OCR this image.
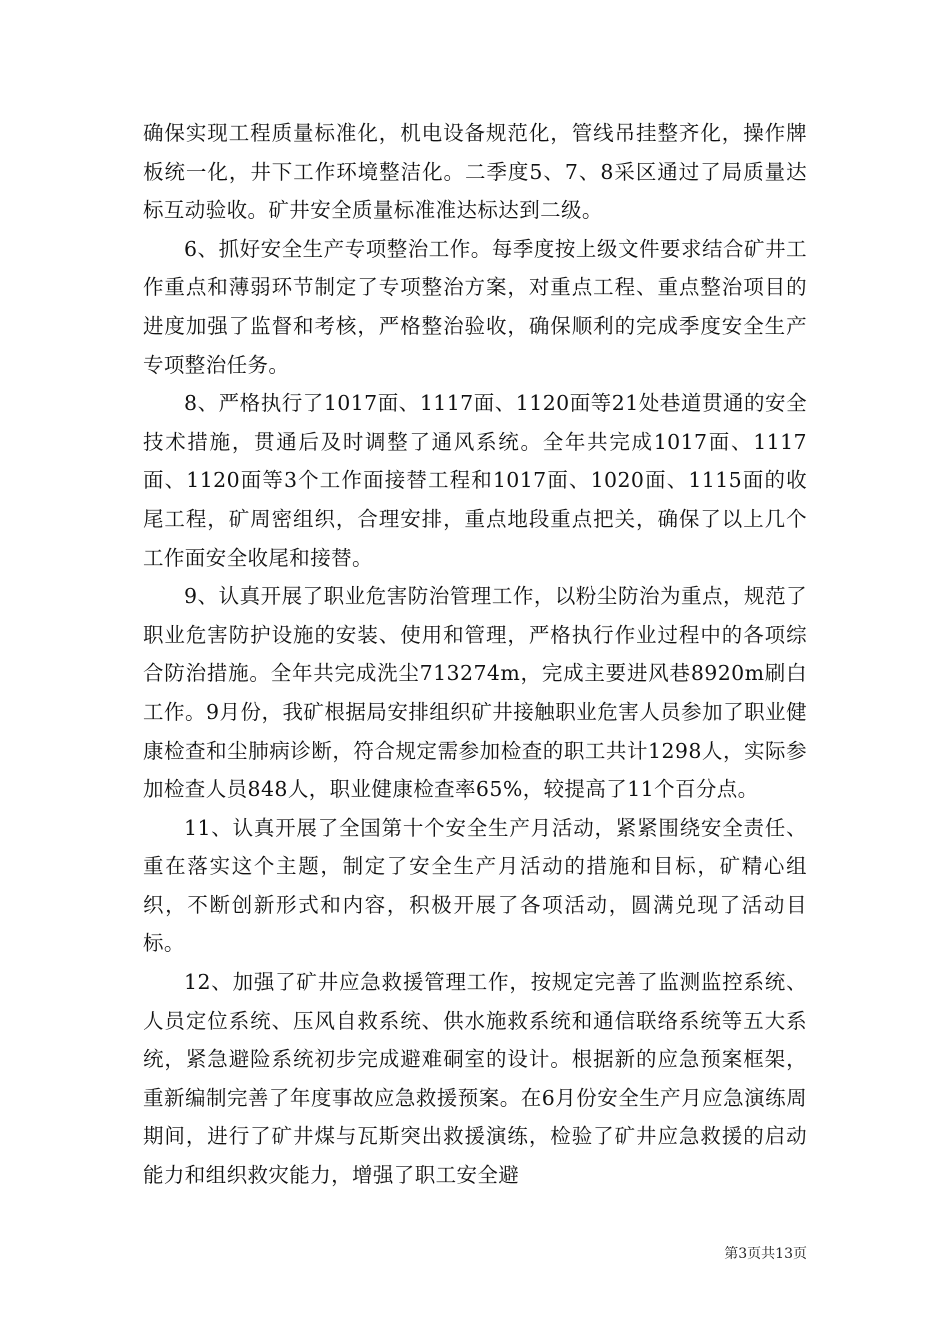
确保实现工程质量标准化，机电设备规范化，管线吊挂整齐化，操作牌板统一化，井下工作环境整洁化。二季度5、7、8采区通过了局质量达标互动验收。矿井安全质量标准准达标达到二级。

6、抓好安全生产专项整治工作。每季度按上级文件要求结合矿井工作重点和薄弱环节制定了专项整治方案，对重点工程、重点整治项目的进度加强了监督和考核，严格整治验收，确保顺利的完成季度安全生产专项整治任务。

8、严格执行了1017面、1117面、1120面等21处巷道贯通的安全技术措施，贯通后及时调整了通风系统。全年共完成1017面、1117面、1120面等3个工作面接替工程和1017面、1020面、1115面的收尾工程，矿周密组织，合理安排，重点地段重点把关，确保了以上几个工作面安全收尾和接替。

9、认真开展了职业危害防治管理工作，以粉尘防治为重点，规范了职业危害防护设施的安装、使用和管理，严格执行作业过程中的各项综合防治措施。全年共完成洗尘713274m，完成主要进风巷8920m刷白工作。9月份，我矿根据局安排组织矿井接触职业危害人员参加了职业健康检查和尘肺病诊断，符合规定需参加检查的职工共计1298人，实际参加检查人员848人，职业健康检查率65%，较提高了11个百分点。

11、认真开展了全国第十个安全生产月活动，紧紧围绕安全责任、重在落实这个主题，制定了安全生产月活动的措施和目标，矿精心组织，不断创新形式和内容，积极开展了各项活动，圆满兑现了活动目标。

12、加强了矿井应急救援管理工作，按规定完善了监测监控系统、人员定位系统、压风自救系统、供水施救系统和通信联络系统等五大系统，紧急避险系统初步完成避难硐室的设计。根据新的应急预案框架，重新编制完善了年度事故应急救援预案。在6月份安全生产月应急演练周期间，进行了矿井煤与瓦斯突出救援演练，检验了矿井应急救援的启动能力和组织救灾能力，增强了职工安全避

第3页共13页
